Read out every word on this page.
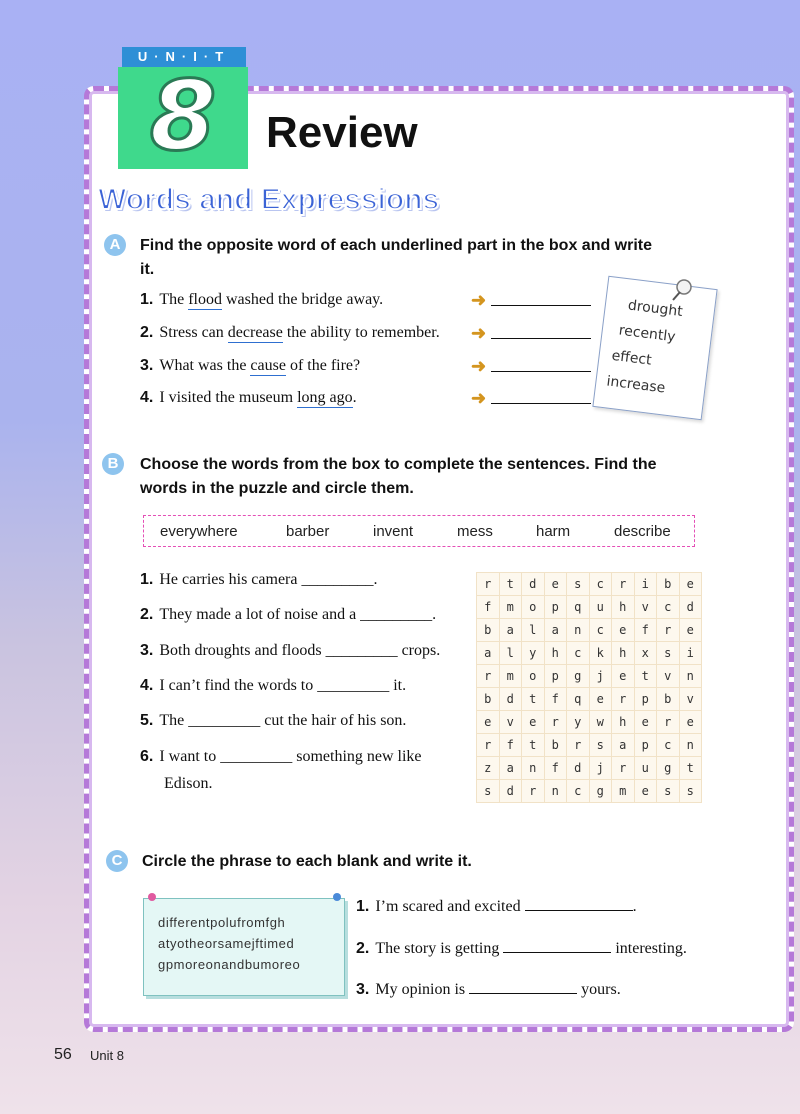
U·N·I·T
8	Review
Words and Expressions
A	Find the opposite word of each underlined part in the box and write
it.
1. The flood washed the bridge away.
2. Stress can decrease the ability to remember.
3. What was the cause of the fire?
4. I visited the museum long ago.
➜
➜
➜
➜
drought
recently
effect
increase
B	Choose the words from the box to complete the sentences. Find the
words in the puzzle and circle them.
everywhere	barber	invent	mess	harm	describe
1. He carries his camera _________.
2. They made a lot of noise and a _________.
3. Both droughts and floods _________ crops.
4. I can’t find the words to _________ it.
5. The _________ cut the hair of his son.
6. I want to _________ something new like
Edison.
r	t	d	e	s	c	r	i	b	e
f	m	o	p	q	u	h	v	c	d
b	a	l	a	n	c	e	f	r	e
a	l	y	h	c	k	h	x	s	i
r	m	o	p	g	j	e	t	v	n
b	d	t	f	q	e	r	p	b	v
e	v	e	r	y	w	h	e	r	e
r	f	t	b	r	s	a	p	c	n
z	a	n	f	d	j	r	u	g	t
s	d	r	n	c	g	m	e	s	s
C	Circle the phrase to each blank and write it.
differentpolufromfgh
atyotheorsamejftimed
gpmoreonandbumoreo
1. I’m scared and excited	.
2. The story is getting	interesting.
3. My opinion is	yours.
56 Unit 8
